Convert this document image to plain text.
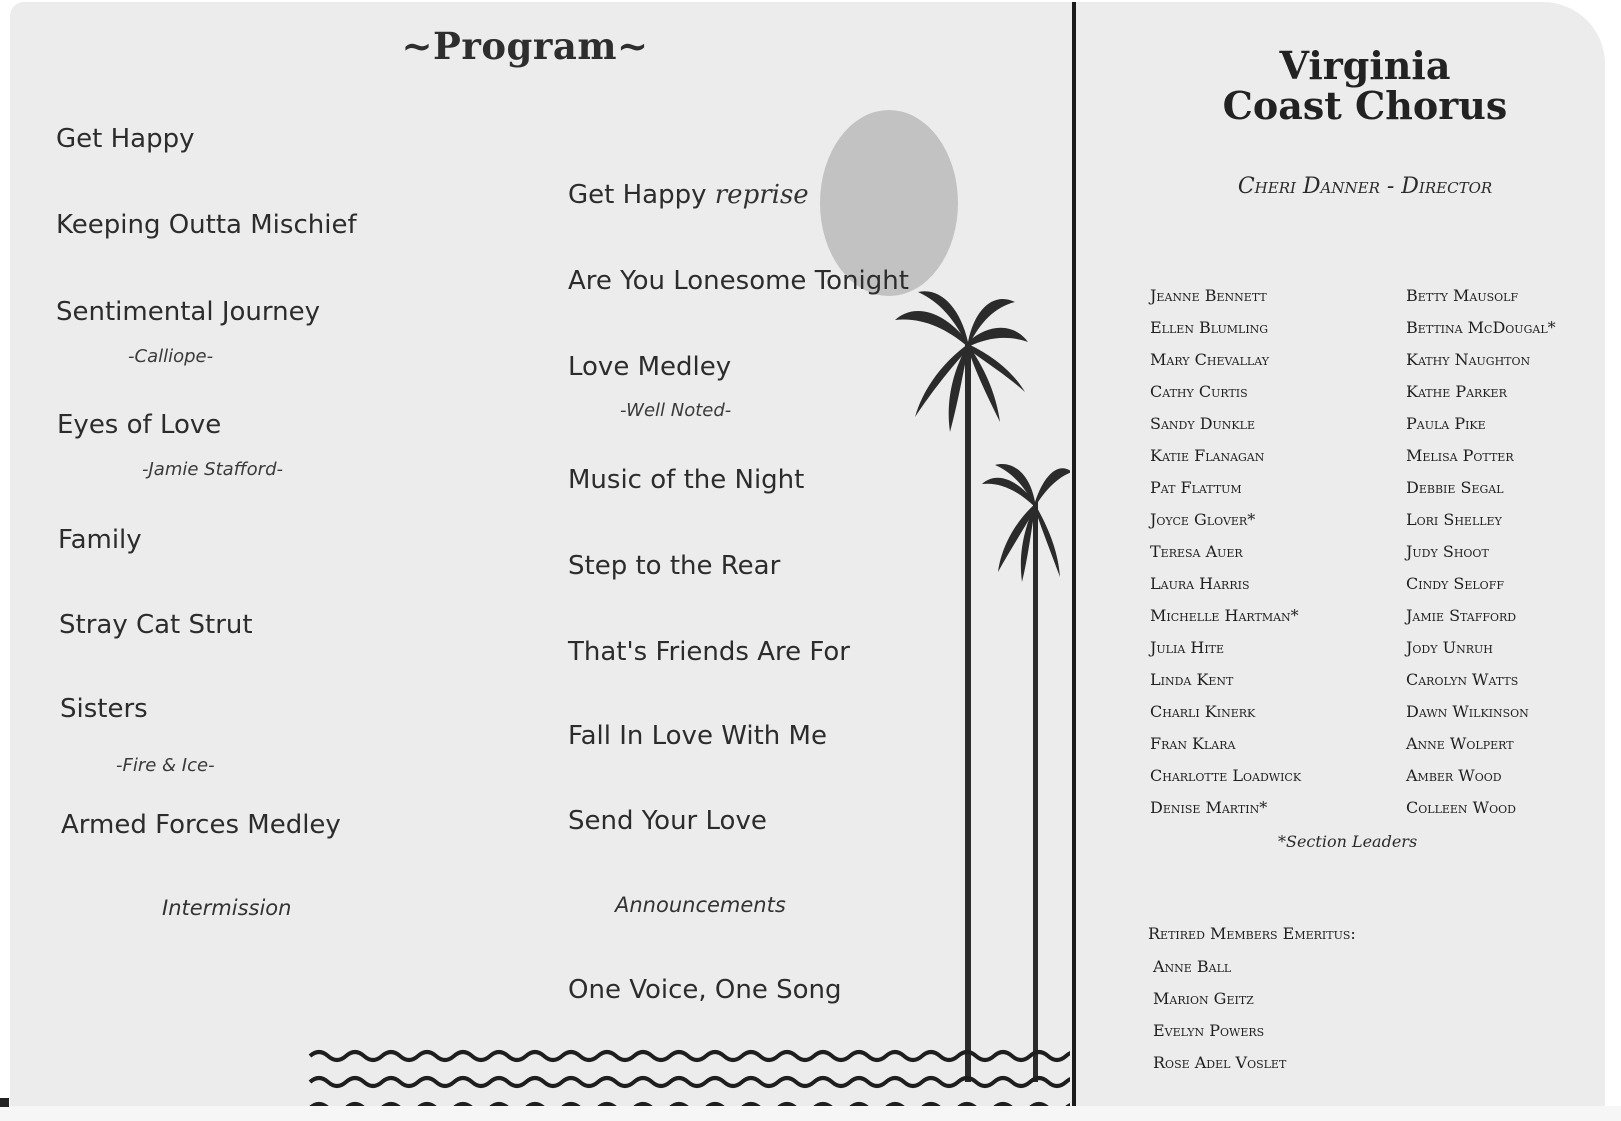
~Program~
Get Happy
Keeping Outta Mischief
Sentimental Journey
-Calliope-
Eyes of Love
-Jamie Stafford-
Family
Stray Cat Strut
Sisters
-Fire & Ice-
Armed Forces Medley
Intermission
Get Happy reprise
Are You Lonesome Tonight
Love Medley
-Well Noted-
Music of the Night
Step to the Rear
That's Friends Are For
Fall In Love With Me
Send Your Love
Announcements
One Voice, One Song
Virginia
Coast Chorus
Cheri Danner - Director
Jeanne Bennett
Ellen Blumling
Mary Chevallay
Cathy Curtis
Sandy Dunkle
Katie Flanagan
Pat Flattum
Joyce Glover*
Teresa Auer
Laura Harris
Michelle Hartman*
Julia Hite
Linda Kent
Charli Kinerk
Fran Klara
Charlotte Loadwick
Denise Martin*
Betty Mausolf
Bettina McDougal*
Kathy Naughton
Kathe Parker
Paula Pike
Melisa Potter
Debbie Segal
Lori Shelley
Judy Shoot
Cindy Seloff
Jamie Stafford
Jody Unruh
Carolyn Watts
Dawn Wilkinson
Anne Wolpert
Amber Wood
Colleen Wood
*Section Leaders
Retired Members Emeritus:
Anne Ball
Marion Geitz
Evelyn Powers
Rose Adel Voslet
